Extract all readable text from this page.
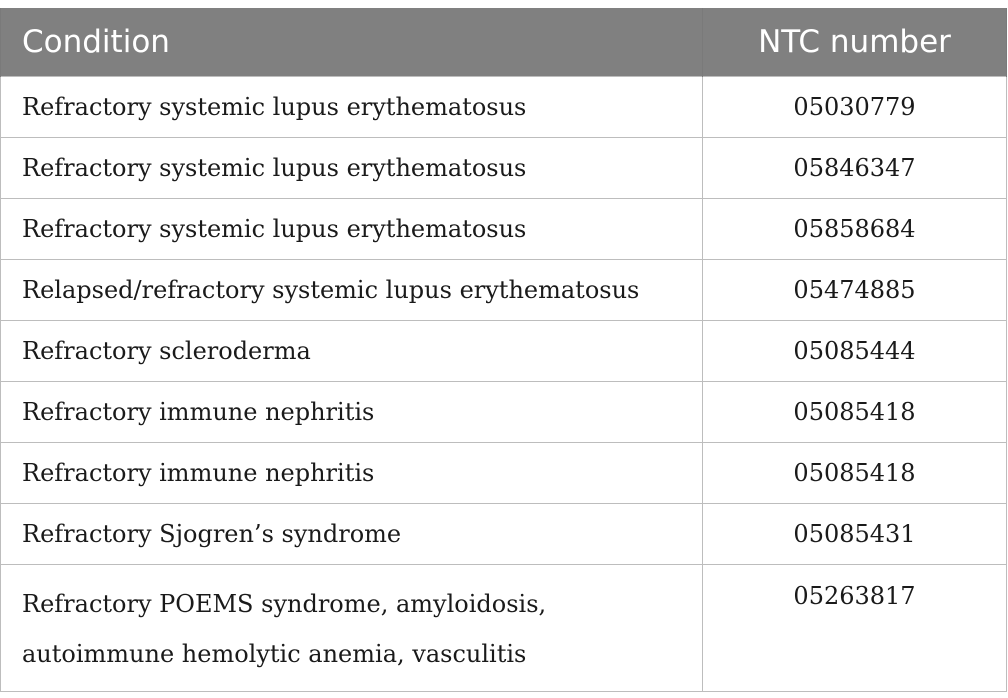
Condition	NTC number
Refractory systemic lupus erythematosus	05030779
Refractory systemic lupus erythematosus	05846347
Refractory systemic lupus erythematosus	05858684
Relapsed/refractory systemic lupus erythematosus	05474885
Refractory scleroderma	05085444
Refractory immune nephritis	05085418
Refractory immune nephritis	05085418
Refractory Sjogren’s syndrome	05085431
Refractory POEMS syndrome, amyloidosis, autoimmune hemolytic anemia, vasculitis	05263817
